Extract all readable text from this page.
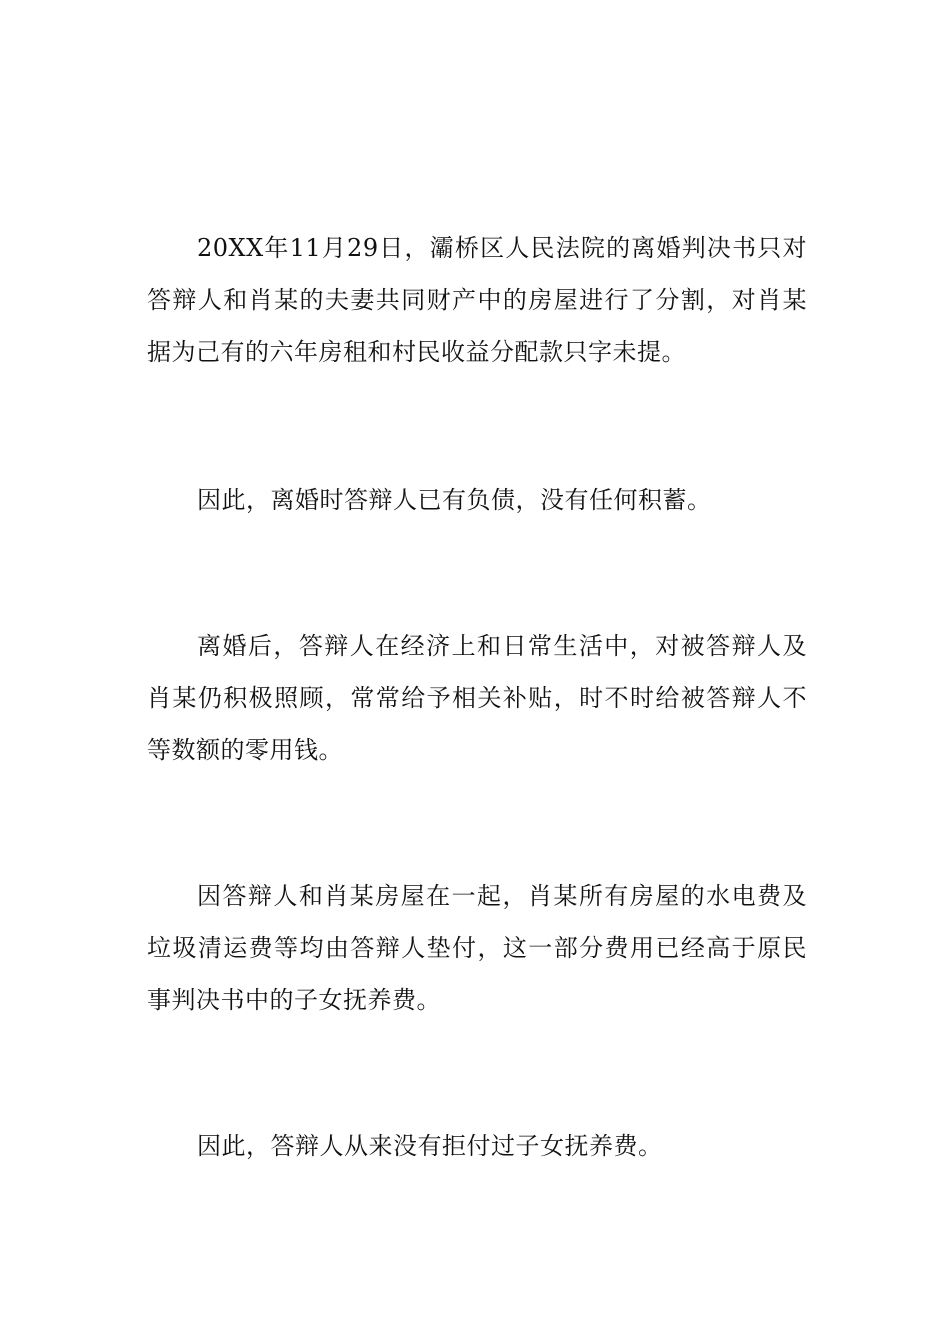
20XX年11月29日，灞桥区人民法院的离婚判决书只对答辩人和肖某的夫妻共同财产中的房屋进行了分割，对肖某据为己有的六年房租和村民收益分配款只字未提。

因此，离婚时答辩人已有负债，没有任何积蓄。

离婚后，答辩人在经济上和日常生活中，对被答辩人及肖某仍积极照顾，常常给予相关补贴，时不时给被答辩人不等数额的零用钱。

因答辩人和肖某房屋在一起，肖某所有房屋的水电费及垃圾清运费等均由答辩人垫付，这一部分费用已经高于原民事判决书中的子女抚养费。

因此，答辩人从来没有拒付过子女抚养费。
